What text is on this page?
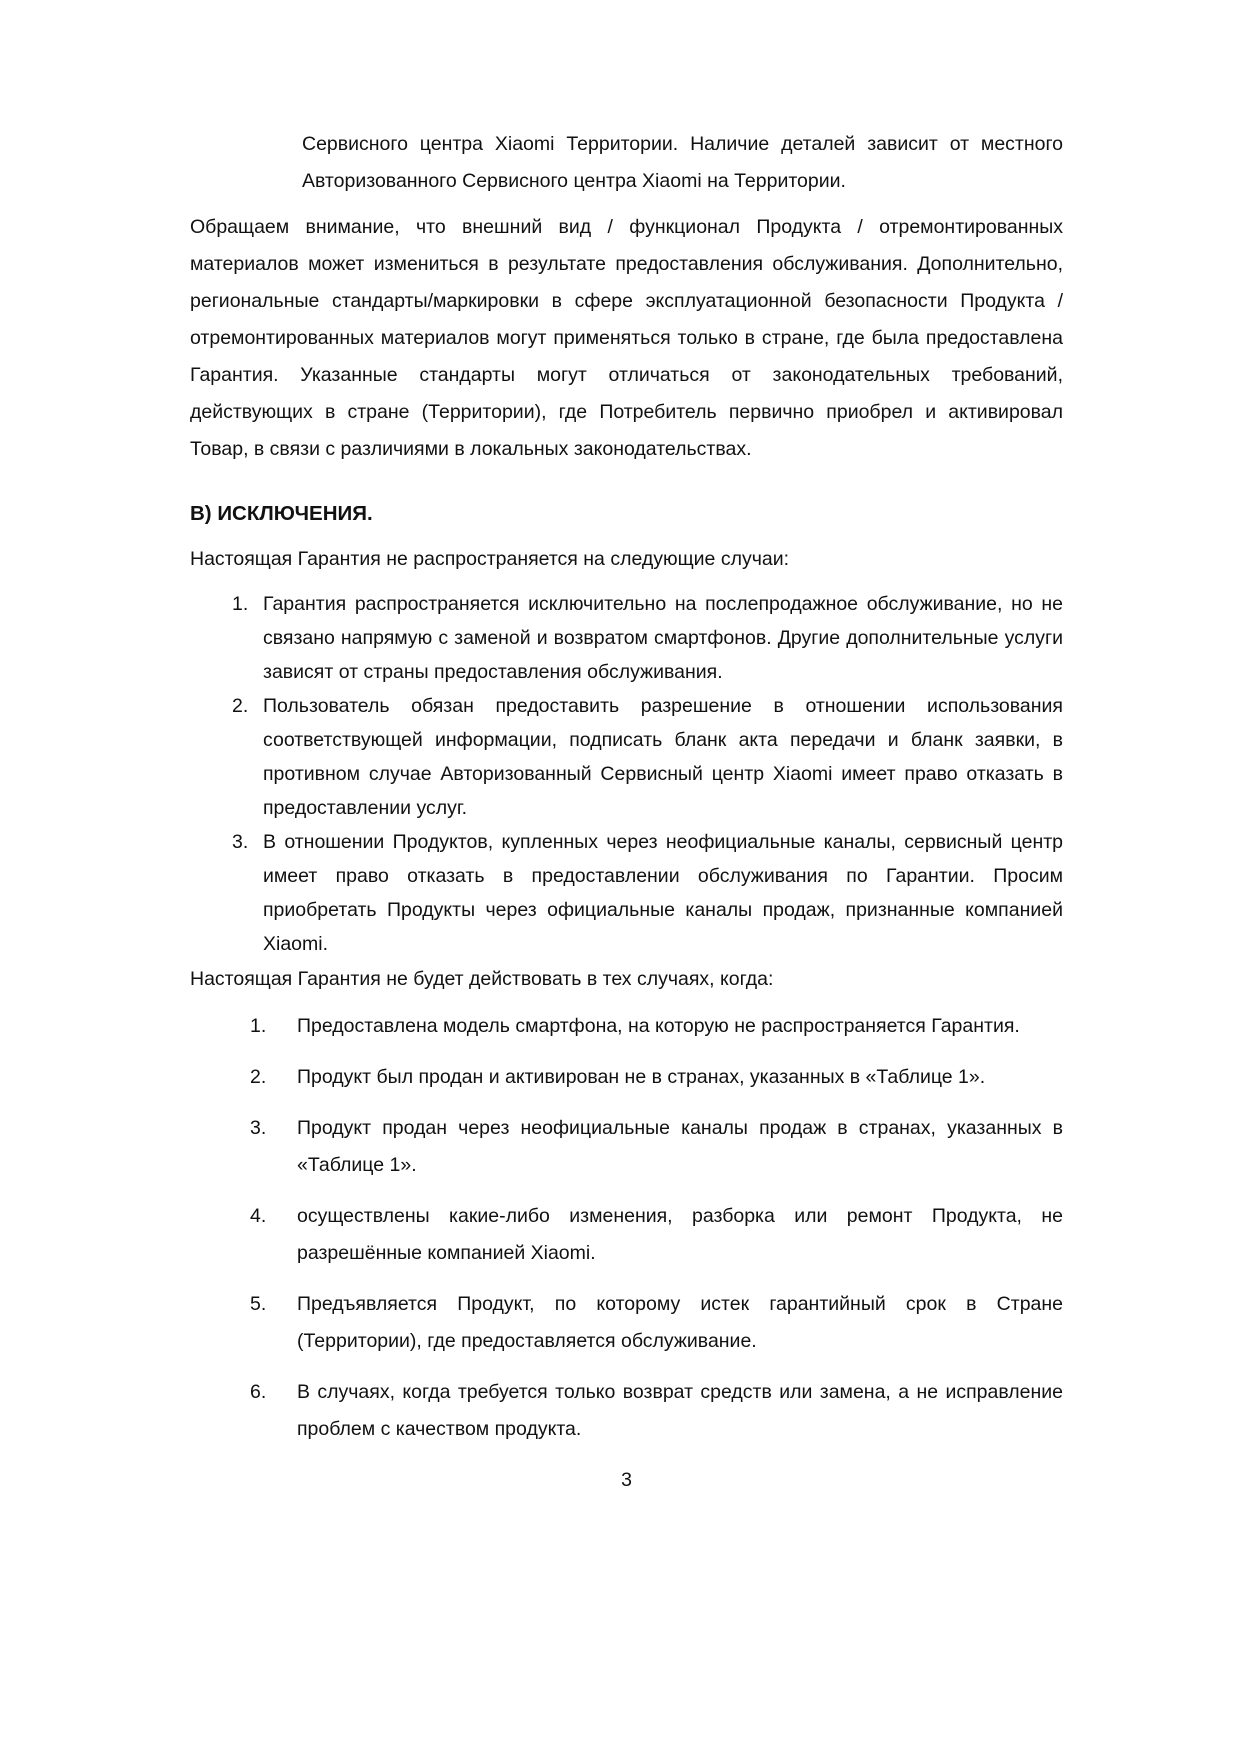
Сервисного центра Xiaomi Территории. Наличие деталей зависит от местного Авторизованного Сервисного центра Xiaomi на Территории.

Обращаем внимание, что внешний вид / функционал Продукта / отремонтированных материалов может измениться в результате предоставления обслуживания. Дополнительно, региональные стандарты/маркировки в сфере эксплуатационной безопасности Продукта / отремонтированных материалов могут применяться только в стране, где была предоставлена Гарантия. Указанные стандарты могут отличаться от законодательных требований, действующих в стране (Территории), где Потребитель первично приобрел и активировал Товар, в связи с различиями в локальных законодательствах.

В) ИСКЛЮЧЕНИЯ.

Настоящая Гарантия не распространяется на следующие случаи:

1. Гарантия распространяется исключительно на послепродажное обслуживание, но не связано напрямую с заменой и возвратом смартфонов. Другие дополнительные услуги зависят от страны предоставления обслуживания.
2. Пользователь обязан предоставить разрешение в отношении использования соответствующей информации, подписать бланк акта передачи и бланк заявки, в противном случае Авторизованный Сервисный центр Xiaomi имеет право отказать в предоставлении услуг.
3. В отношении Продуктов, купленных через неофициальные каналы, сервисный центр имеет право отказать в предоставлении обслуживания по Гарантии. Просим приобретать Продукты через официальные каналы продаж, признанные компанией Xiaomi.

Настоящая Гарантия не будет действовать в тех случаях, когда:

1. Предоставлена модель смартфона, на которую не распространяется Гарантия.
2. Продукт был продан и активирован не в странах, указанных в «Таблице 1».
3. Продукт продан через неофициальные каналы продаж в странах, указанных в «Таблице 1».
4. осуществлены какие-либо изменения, разборка или ремонт Продукта, не разрешённые компанией Xiaomi.
5. Предъявляется Продукт, по которому истек гарантийный срок в Стране (Территории), где предоставляется обслуживание.
6. В случаях, когда требуется только возврат средств или замена, а не исправление проблем с качеством продукта.
3
